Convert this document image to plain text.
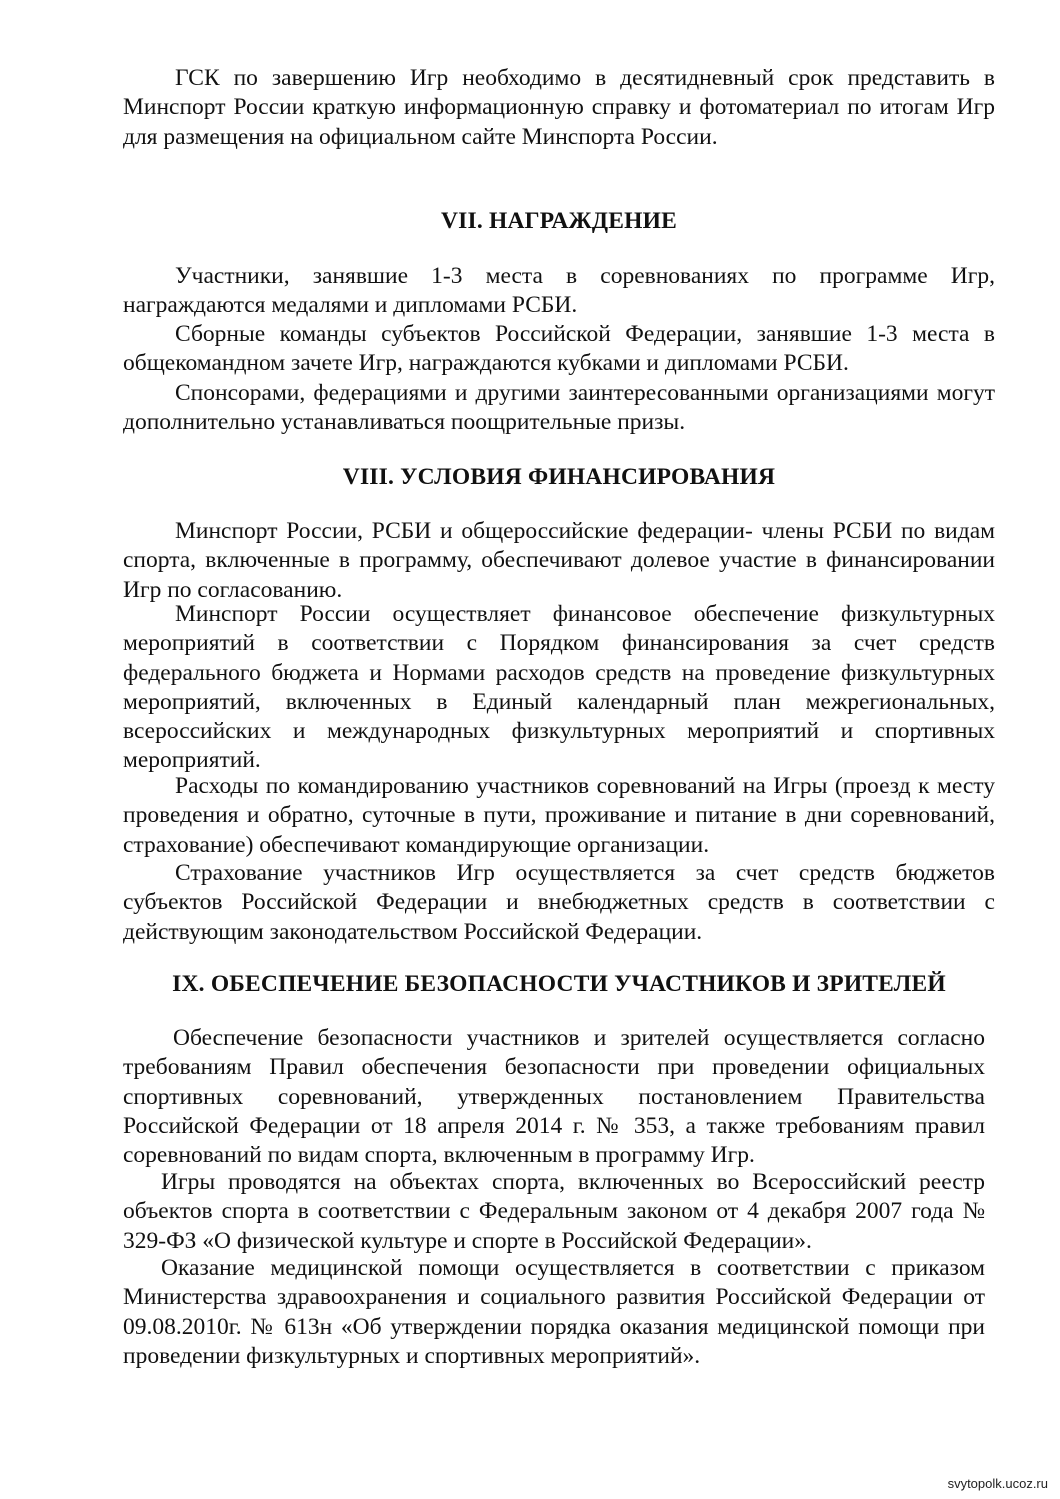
ГСК по завершению Игр необходимо в десятидневный срок представить в Минспорт России краткую информационную справку и фотоматериал по итогам Игр для размещения на официальном сайте Минспорта России.

VII. НАГРАЖДЕНИЕ

Участники, занявшие 1-3 места в соревнованиях по программе Игр, награждаются медалями и дипломами РСБИ.

Сборные команды субъектов Российской Федерации, занявшие 1-3 места в общекомандном зачете Игр, награждаются кубками и дипломами РСБИ.

Спонсорами, федерациями и другими заинтересованными организациями могут дополнительно устанавливаться поощрительные призы.

VIII. УСЛОВИЯ ФИНАНСИРОВАНИЯ

Минспорт России, РСБИ и общероссийские федерации- члены РСБИ по видам спорта, включенные в программу, обеспечивают долевое участие в финансировании Игр по согласованию.

Минспорт России осуществляет финансовое обеспечение физкультурных мероприятий в соответствии с Порядком финансирования за счет средств федерального бюджета и Нормами расходов средств на проведение физкультурных мероприятий, включенных в Единый календарный план межрегиональных, всероссийских и международных физкультурных мероприятий и спортивных мероприятий.

Расходы по командированию участников соревнований на Игры (проезд к месту проведения и обратно, суточные в пути, проживание и питание в дни соревнований, страхование) обеспечивают командирующие организации.

Страхование участников Игр осуществляется за счет средств бюджетов субъектов Российской Федерации и внебюджетных средств в соответствии с действующим законодательством Российской Федерации.

IX. ОБЕСПЕЧЕНИЕ БЕЗОПАСНОСТИ УЧАСТНИКОВ И ЗРИТЕЛЕЙ

Обеспечение безопасности участников и зрителей осуществляется согласно требованиям Правил обеспечения безопасности при проведении официальных спортивных соревнований, утвержденных постановлением Правительства Российской Федерации от 18 апреля 2014 г. № 353, а также требованиям правил соревнований по видам спорта, включенным в программу Игр.

Игры проводятся на объектах спорта, включенных во Всероссийский реестр объектов спорта в соответствии с Федеральным законом от 4 декабря 2007 года № 329-ФЗ «О физической культуре и спорте в Российской Федерации».

Оказание медицинской помощи осуществляется в соответствии с приказом Министерства здравоохранения и социального развития Российской Федерации от 09.08.2010г. № 613н «Об утверждении порядка оказания медицинской помощи при проведении физкультурных и спортивных мероприятий».

svytopolk.ucoz.ru
